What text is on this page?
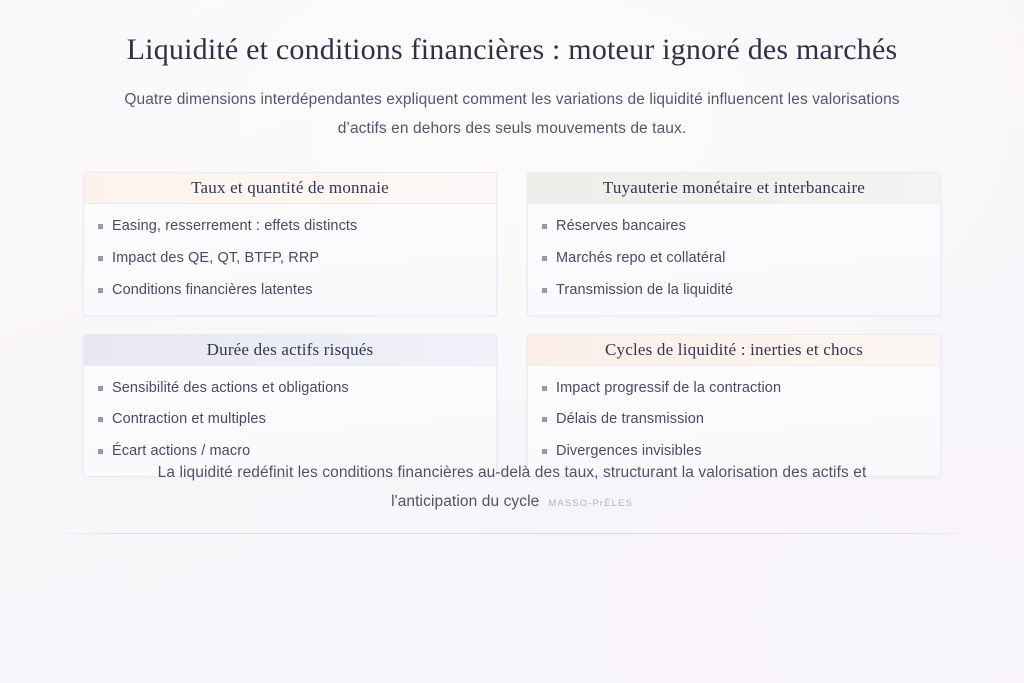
Liquidité et conditions financières : moteur ignoré des marchés

Quatre dimensions interdépendantes expliquent comment les variations de liquidité influencent les valorisations d’actifs en dehors des seuls mouvements de taux.

Taux et quantité de monnaie
Easing, resserrement : effets distincts
Impact des QE, QT, BTFP, RRP
Conditions financières latentes
Tuyauterie monétaire et interbancaire
Réserves bancaires
Marchés repo et collatéral
Transmission de la liquidité
Durée des actifs risqués
Sensibilité des actions et obligations
Contraction et multiples
Écart actions / macro
Cycles de liquidité : inerties et chocs
Impact progressif de la contraction
Délais de transmission
Divergences invisibles

La liquidité redéfinit les conditions financières au-delà des taux, structurant la valorisation des actifs et l'anticipation du cycle MASSO-PrÉLES
